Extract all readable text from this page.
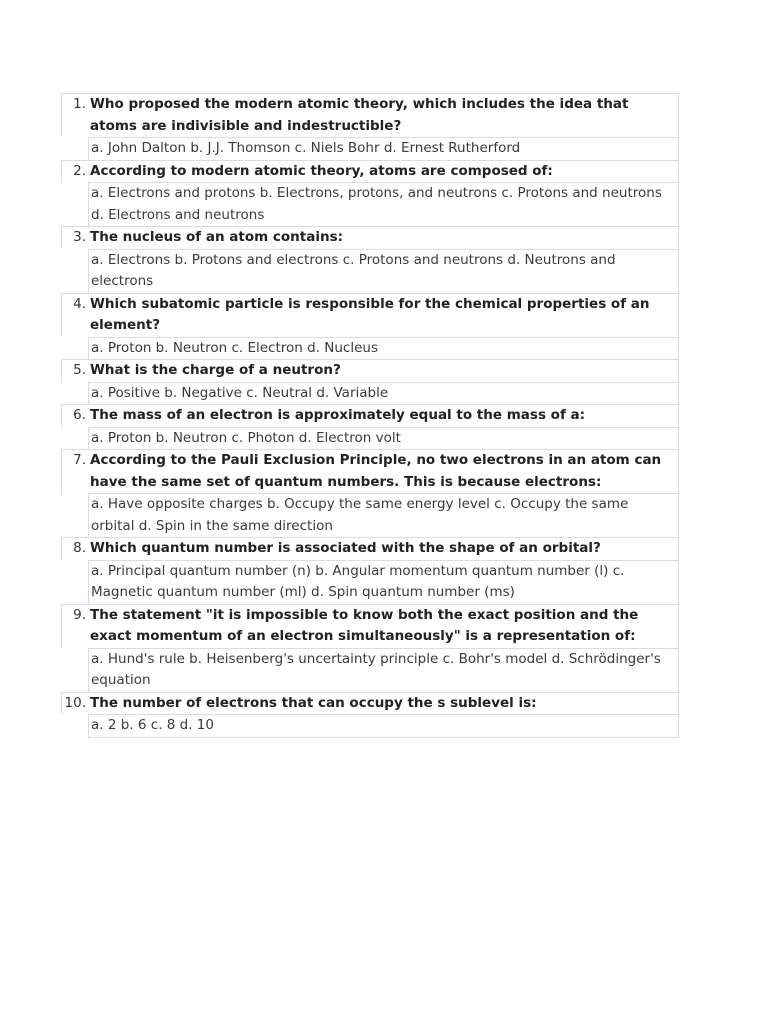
1. Who proposed the modern atomic theory, which includes the idea that atoms are indivisible and indestructible?
a. John Dalton b. J.J. Thomson c. Niels Bohr d. Ernest Rutherford
2. According to modern atomic theory, atoms are composed of:
a. Electrons and protons b. Electrons, protons, and neutrons c. Protons and neutrons d. Electrons and neutrons
3. The nucleus of an atom contains:
a. Electrons b. Protons and electrons c. Protons and neutrons d. Neutrons and electrons
4. Which subatomic particle is responsible for the chemical properties of an element?
a. Proton b. Neutron c. Electron d. Nucleus
5. What is the charge of a neutron?
a. Positive b. Negative c. Neutral d. Variable
6. The mass of an electron is approximately equal to the mass of a:
a. Proton b. Neutron c. Photon d. Electron volt
7. According to the Pauli Exclusion Principle, no two electrons in an atom can have the same set of quantum numbers. This is because electrons:
a. Have opposite charges b. Occupy the same energy level c. Occupy the same orbital d. Spin in the same direction
8. Which quantum number is associated with the shape of an orbital?
a. Principal quantum number (n) b. Angular momentum quantum number (l) c. Magnetic quantum number (ml) d. Spin quantum number (ms)
9. The statement "it is impossible to know both the exact position and the exact momentum of an electron simultaneously" is a representation of:
a. Hund's rule b. Heisenberg's uncertainty principle c. Bohr's model d. Schrödinger's equation
10. The number of electrons that can occupy the s sublevel is:
a. 2 b. 6 c. 8 d. 10
